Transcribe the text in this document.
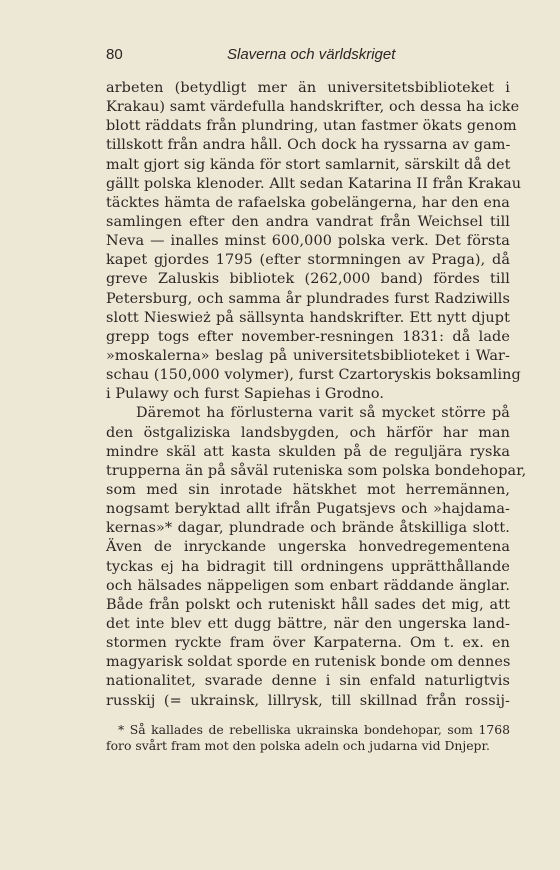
80	Slaverna och världskriget
arbeten (betydligt mer än universitetsbiblioteket i
Krakau) samt värdefulla handskrifter, och dessa ha icke
blott räddats från plundring, utan fastmer ökats genom
tillskott från andra håll. Och dock ha ryssarna av gam-
malt gjort sig kända för stort samlarnit, särskilt då det
gällt polska klenoder. Allt sedan Katarina II från Krakau
täcktes hämta de rafaelska gobelängerna, har den ena
samlingen efter den andra vandrat från Weichsel till
Neva — inalles minst 600,000 polska verk. Det första
kapet gjordes 1795 (efter stormningen av Praga), då
greve Zaluskis bibliotek (262,000 band) fördes till
Petersburg, och samma år plundrades furst Radziwills
slott Nieswież på sällsynta handskrifter. Ett nytt djupt
grepp togs efter november-resningen 1831: då lade
»moskalerna» beslag på universitetsbiblioteket i War-
schau (150,000 volymer), furst Czartoryskis boksamling
i Pulawy och furst Sapiehas i Grodno.
Däremot ha förlusterna varit så mycket större på
den östgaliziska landsbygden, och härför har man
mindre skäl att kasta skulden på de reguljära ryska
trupperna än på såväl ruteniska som polska bondehopar,
som med sin inrotade hätskhet mot herremännen,
nogsamt beryktad allt ifrån Pugatsjevs och »hajdama-
kernas»* dagar, plundrade och brände åtskilliga slott.
Även de inryckande ungerska honvedregementena
tyckas ej ha bidragit till ordningens upprätthållande
och hälsades näppeligen som enbart räddande änglar.
Både från polskt och ruteniskt håll sades det mig, att
det inte blev ett dugg bättre, när den ungerska land-
stormen ryckte fram över Karpaterna. Om t. ex. en
magyarisk soldat sporde en rutenisk bonde om dennes
nationalitet, svarade denne i sin enfald naturligtvis
russkij (= ukrainsk, lillrysk, till skillnad från rossij-
* Så kallades de rebelliska ukrainska bondehopar, som 1768
foro svårt fram mot den polska adeln och judarna vid Dnjepr.
